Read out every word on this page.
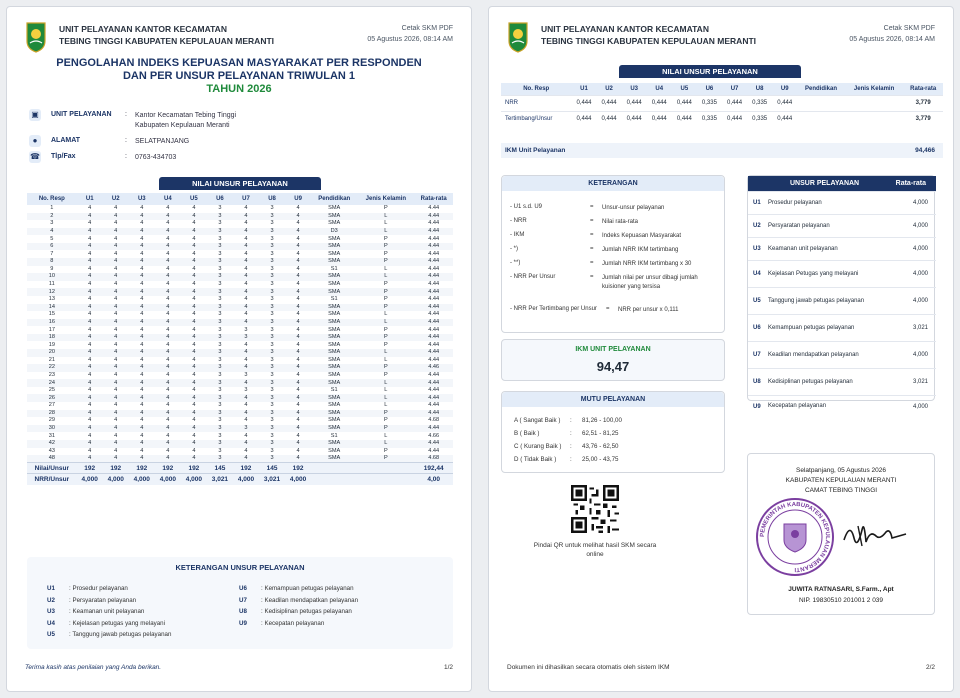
UNIT PELAYANAN KANTOR KECAMATAN
TEBING TINGGI KABUPATEN KEPULAUAN MERANTI
Cetak SKM PDF
05 Agustus 2026, 08:14 AM
PENGOLAHAN INDEKS KEPUASAN MASYARAKAT PER RESPONDEN
DAN PER UNSUR PELAYANAN TRIWULAN 1
TAHUN 2026
▣	UNIT PELAYANAN : Kantor Kecamatan Tebing Tinggi
Kabupaten Kepulauan Meranti
●	ALAMAT	: SELATPANJANG
☎ Tlp/Fax	: 0763-434703
NILAI UNSUR PELAYANAN
No. Resp	U1	U2	U3	U4	U5	U6	U7	U8	U9	Pendidikan	Jenis Kelamin	Rata-rata
1	4	4	4	4	4	3	4	3	4	SMA	P	4.44
2	4	4	4	4	4	3	4	3	4	SMA	L	4.44
3	4	4	4	4	4	3	4	3	4	SMA	L	4.44
4	4	4	4	4	4	3	4	3	4	D3	L	4.44
5	4	4	4	4	4	3	4	3	4	SMA	P	4.44
6	4	4	4	4	4	3	4	3	4	SMA	P	4.44
7	4	4	4	4	4	3	4	3	4	SMA	P	4.44
8	4	4	4	4	4	3	4	3	4	SMA	P	4.44
9	4	4	4	4	4	3	4	3	4	S1	L	4.44
10	4	4	4	4	4	3	4	3	4	SMA	L	4.44
11	4	4	4	4	4	3	4	3	4	SMA	P	4.44
12	4	4	4	4	4	3	4	3	4	SMA	P	4.44
13	4	4	4	4	4	3	4	3	4	S1	P	4.44
14	4	4	4	4	4	3	4	3	4	SMA	P	4.44
15	4	4	4	4	4	3	4	3	4	SMA	L	4.44
16	4	4	4	4	4	3	4	3	4	SMA	L	4.44
17	4	4	4	4	4	3	3	3	4	SMA	P	4.44
18	4	4	4	4	4	3	3	3	4	SMA	P	4.44
19	4	4	4	4	4	3	4	3	4	SMA	P	4.44
20	4	4	4	4	4	3	4	3	4	SMA	L	4.44
21	4	4	4	4	4	3	4	3	4	SMA	L	4.44
22	4	4	4	4	4	3	4	3	4	SMA	P	4.46
23	4	4	4	4	4	3	3	3	4	SMA	P	4.44
24	4	4	4	4	4	3	4	3	4	SMA	L	4.44
25	4	4	4	4	4	3	3	3	4	S1	L	4.44
26	4	4	4	4	4	3	4	3	4	SMA	L	4.44
27	4	4	4	4	4	3	4	3	4	SMA	L	4.44
28	4	4	4	4	4	3	4	3	4	SMA	P	4.44
29	4	4	4	4	4	3	4	3	4	SMA	P	4.68
30	4	4	4	4	4	3	3	3	4	SMA	P	4.44
31	4	4	4	4	4	3	4	3	4	S1	L	4.66
42	4	4	4	4	4	3	4	3	4	SMA	L	4.44
43	4	4	4	4	4	3	4	3	4	SMA	P	4.44
48	4	4	4	4	4	3	4	3	4	SMA	P	4.68
Nilai/Unsur	192	192	192	192	192	145	192	145	192			192,44
NRR/Unsur	4,000	4,000	4,000	4,000	4,000	3,021	4,000	3,021	4,000			4,00
KETERANGAN UNSUR PELAYANAN
U1 : Prosedur pelayanan
U2 : Persyaratan pelayanan
U3 : Keamanan unit pelayanan
U4 : Kejelasan petugas yang melayani
U5 : Tanggung jawab petugas pelayanan
U6 : Kemampuan petugas pelayanan
U7 : Keadilan mendapatkan pelayanan
U8 : Kedisiplinan petugas pelayanan
U9 : Kecepatan pelayanan
Terima kasih atas penilaian yang Anda berikan.	1/2
UNIT PELAYANAN KANTOR KECAMATAN
TEBING TINGGI KABUPATEN KEPULAUAN MERANTI
Cetak SKM PDF
05 Agustus 2026, 08:14 AM
NILAI UNSUR PELAYANAN
No. Resp	U1	U2	U3	U4	U5	U6	U7	U8	U9	Pendidikan	Jenis Kelamin	Rata-rata
NRR	0,444	0,444	0,444	0,444	0,444	0,335	0,444	0,335	0,444			3,779
Tertimbang/Unsur	0,444	0,444	0,444	0,444	0,444	0,335	0,444	0,335	0,444			3,779
IKM Unit Pelayanan	94,466
KETERANGAN
- U1 s.d. U9	= Unsur-unsur pelayanan
- NRR	= Nilai rata-rata
- IKM	= Indeks Kepuasan Masyarakat
- *)	= Jumlah NRR IKM tertimbang
- **)	= Jumlah NRR IKM tertimbang x 30
- NRR Per Unsur	= Jumlah nilai per unsur dibagi jumlah kuisioner yang tersisa
- NRR Per Tertimbang per Unsur = NRR per unsur x 0,111
IKM UNIT PELAYANAN
94,47
MUTU PELAYANAN
A ( Sangat Baik ) : 81,26 - 100,00
B ( Baik )	: 62,51 - 81,25
C ( Kurang Baik ) : 43,76 - 62,50
D ( Tidak Baik ) : 25,00 - 43,75
Pindai QR untuk melihat hasil SKM secara online
UNSUR PELAYANAN	Rata-rata
U1	Prosedur pelayanan	4,000
U2	Persyaratan pelayanan	4,000
U3	Keamanan unit pelayanan	4,000
U4	Kejelasan Petugas yang melayani	4,000
U5	Tanggung jawab petugas pelayanan	4,000
U6	Kemampuan petugas pelayanan	3,021
U7	Keadilan mendapatkan pelayanan	4,000
U8	Kedisiplinan petugas pelayanan	3,021
U9	Kecepatan pelayanan	4,000
Selatpanjang, 05 Agustus 2026
KABUPATEN KEPULAUAN MERANTI
CAMAT TEBING TINGGI
PEMERINTAH KABUPATEN KEPULAUAN MERANTI
JUWITA RATNASARI, S.Farm., Apt
NIP. 19830510 201001 2 039
Dokumen ini dihasilkan secara otomatis oleh sistem IKM	2/2
